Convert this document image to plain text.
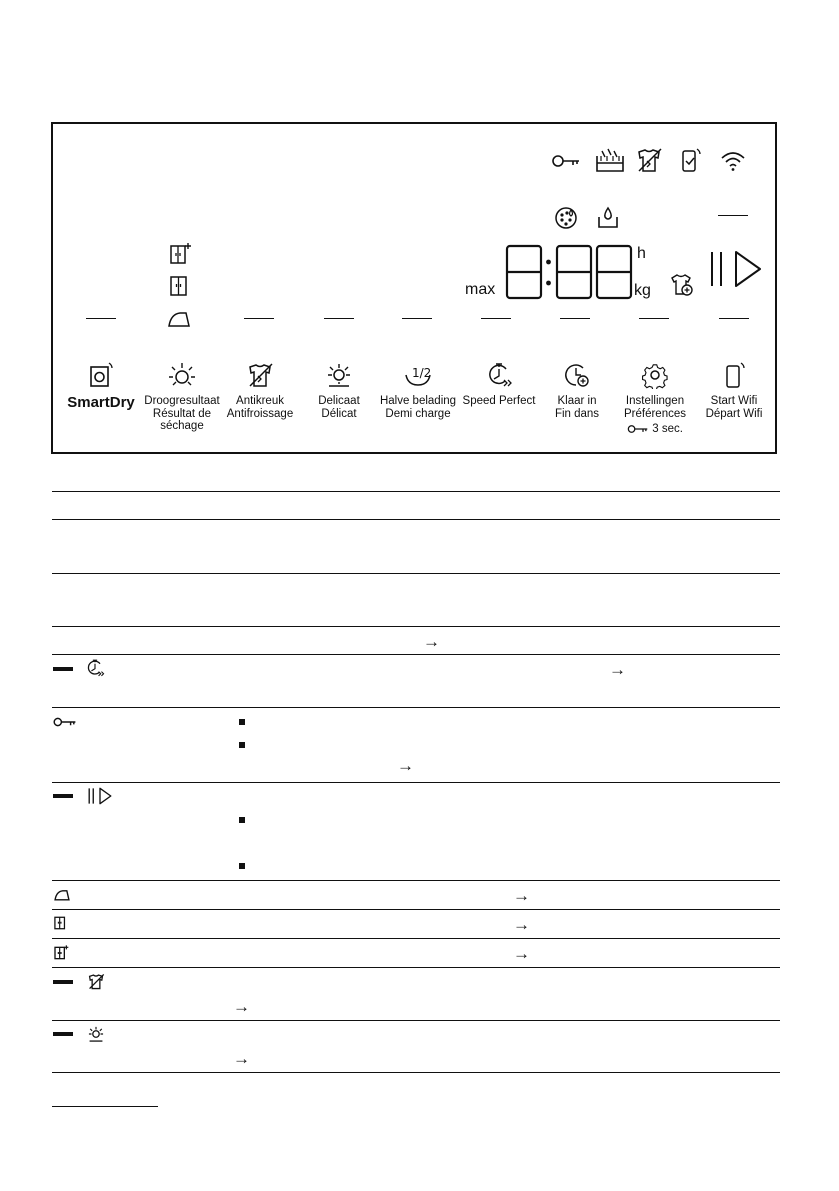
max
h
kg
SmartDry Droogresultaat
Résultat de
séchage
Antikreuk
Antifroissage
Delicaat
Délicat
1/2
Halve belading
Demi charge
Speed Perfect	Klaar in
Fin dans
Instellingen
Préférences
3 sec.
Start Wifi
Départ Wifi
→
→
→
→
→
→
→
→
